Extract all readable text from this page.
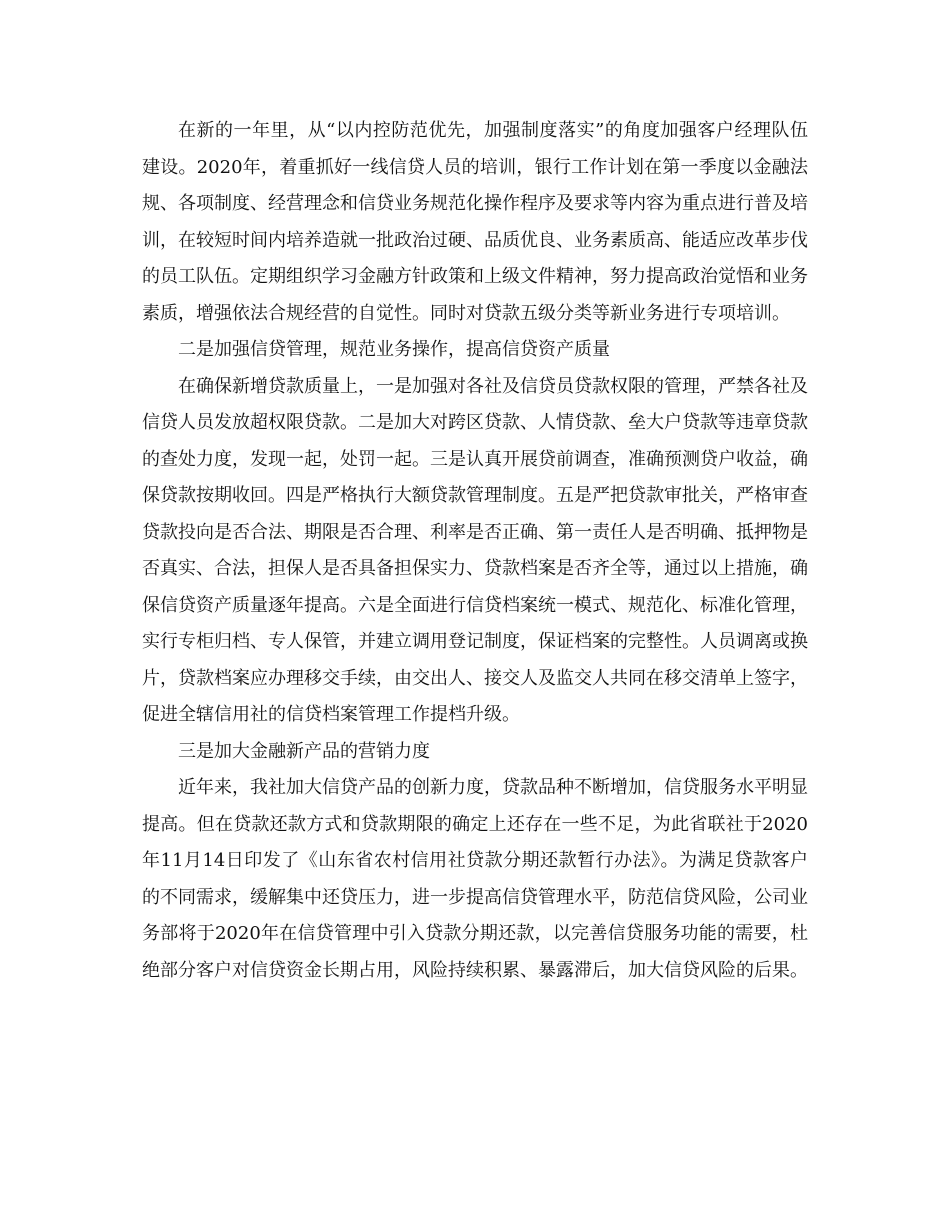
在新的一年里，从“以内控防范优先，加强制度落实”的角度加强客户经理队伍建设。2020年，着重抓好一线信贷人员的培训，银行工作计划在第一季度以金融法规、各项制度、经营理念和信贷业务规范化操作程序及要求等内容为重点进行普及培训，在较短时间内培养造就一批政治过硬、品质优良、业务素质高、能适应改革步伐的员工队伍。定期组织学习金融方针政策和上级文件精神，努力提高政治觉悟和业务素质，增强依法合规经营的自觉性。同时对贷款五级分类等新业务进行专项培训。

二是加强信贷管理，规范业务操作，提高信贷资产质量

在确保新增贷款质量上，一是加强对各社及信贷员贷款权限的管理，严禁各社及信贷人员发放超权限贷款。二是加大对跨区贷款、人情贷款、垒大户贷款等违章贷款的查处力度，发现一起，处罚一起。三是认真开展贷前调查，准确预测贷户收益，确保贷款按期收回。四是严格执行大额贷款管理制度。五是严把贷款审批关，严格审查贷款投向是否合法、期限是否合理、利率是否正确、第一责任人是否明确、抵押物是否真实、合法，担保人是否具备担保实力、贷款档案是否齐全等，通过以上措施，确保信贷资产质量逐年提高。六是全面进行信贷档案统一模式、规范化、标准化管理，实行专柜归档、专人保管，并建立调用登记制度，保证档案的完整性。人员调离或换片，贷款档案应办理移交手续，由交出人、接交人及监交人共同在移交清单上签字，促进全辖信用社的信贷档案管理工作提档升级。

三是加大金融新产品的营销力度

近年来，我社加大信贷产品的创新力度，贷款品种不断增加，信贷服务水平明显提高。但在贷款还款方式和贷款期限的确定上还存在一些不足，为此省联社于2020年11月14日印发了《山东省农村信用社贷款分期还款暂行办法》。为满足贷款客户的不同需求，缓解集中还贷压力，进一步提高信贷管理水平，防范信贷风险，公司业务部将于2020年在信贷管理中引入贷款分期还款，以完善信贷服务功能的需要，杜绝部分客户对信贷资金长期占用，风险持续积累、暴露滞后，加大信贷风险的后果。
